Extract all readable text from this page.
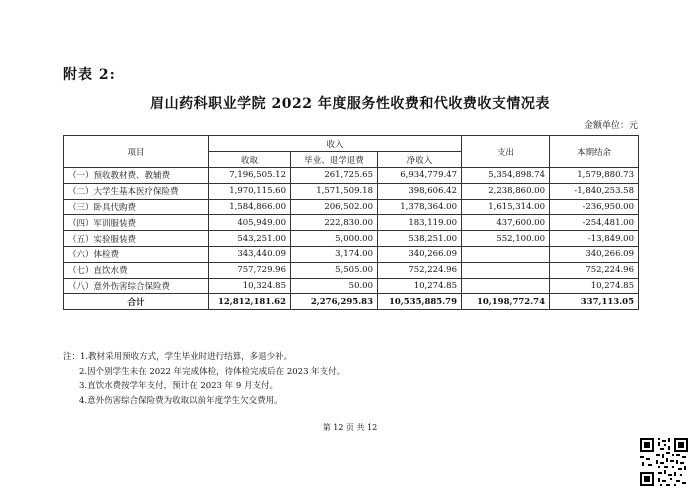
附表 2:
眉山药科职业学院 2022 年度服务性收费和代收费收支情况表
金额单位：元
项目	收入			支出	本期结余
	收取	毕业、退学退费	净收入		
（一）预收教材费、教辅费	7,196,505.12	261,725.65	6,934,779.47	5,354,898.74	1,579,880.73
（二）大学生基本医疗保险费	1,970,115.60	1,571,509.18	398,606.42	2,238,860.00	-1,840,253.58
（三）卧具代购费	1,584,866.00	206,502.00	1,378,364.00	1,615,314.00	-236,950.00
（四）军训服装费	405,949.00	222,830.00	183,119.00	437,600.00	-254,481.00
（五）实验服装费	543,251.00	5,000.00	538,251.00	552,100.00	-13,849.00
（六）体检费	343,440.09	3,174.00	340,266.09		340,266.09
（七）直饮水费	757,729.96	5,505.00	752,224.96		752,224.96
（八）意外伤害综合保险费	10,324.85	50.00	10,274.85		10,274.85
合计	12,812,181.62	2,276,295.83	10,535,885.79	10,198,772.74	337,113.05
注：1.教材采用预收方式，学生毕业时进行结算，多退少补。
2.因个别学生未在 2022 年完成体检，待体检完成后在 2023 年支付。
3.直饮水费按学年支付，预计在 2023 年 9 月支付。
4.意外伤害综合保险费为收取以前年度学生欠交费用。
第 12 页 共 12
